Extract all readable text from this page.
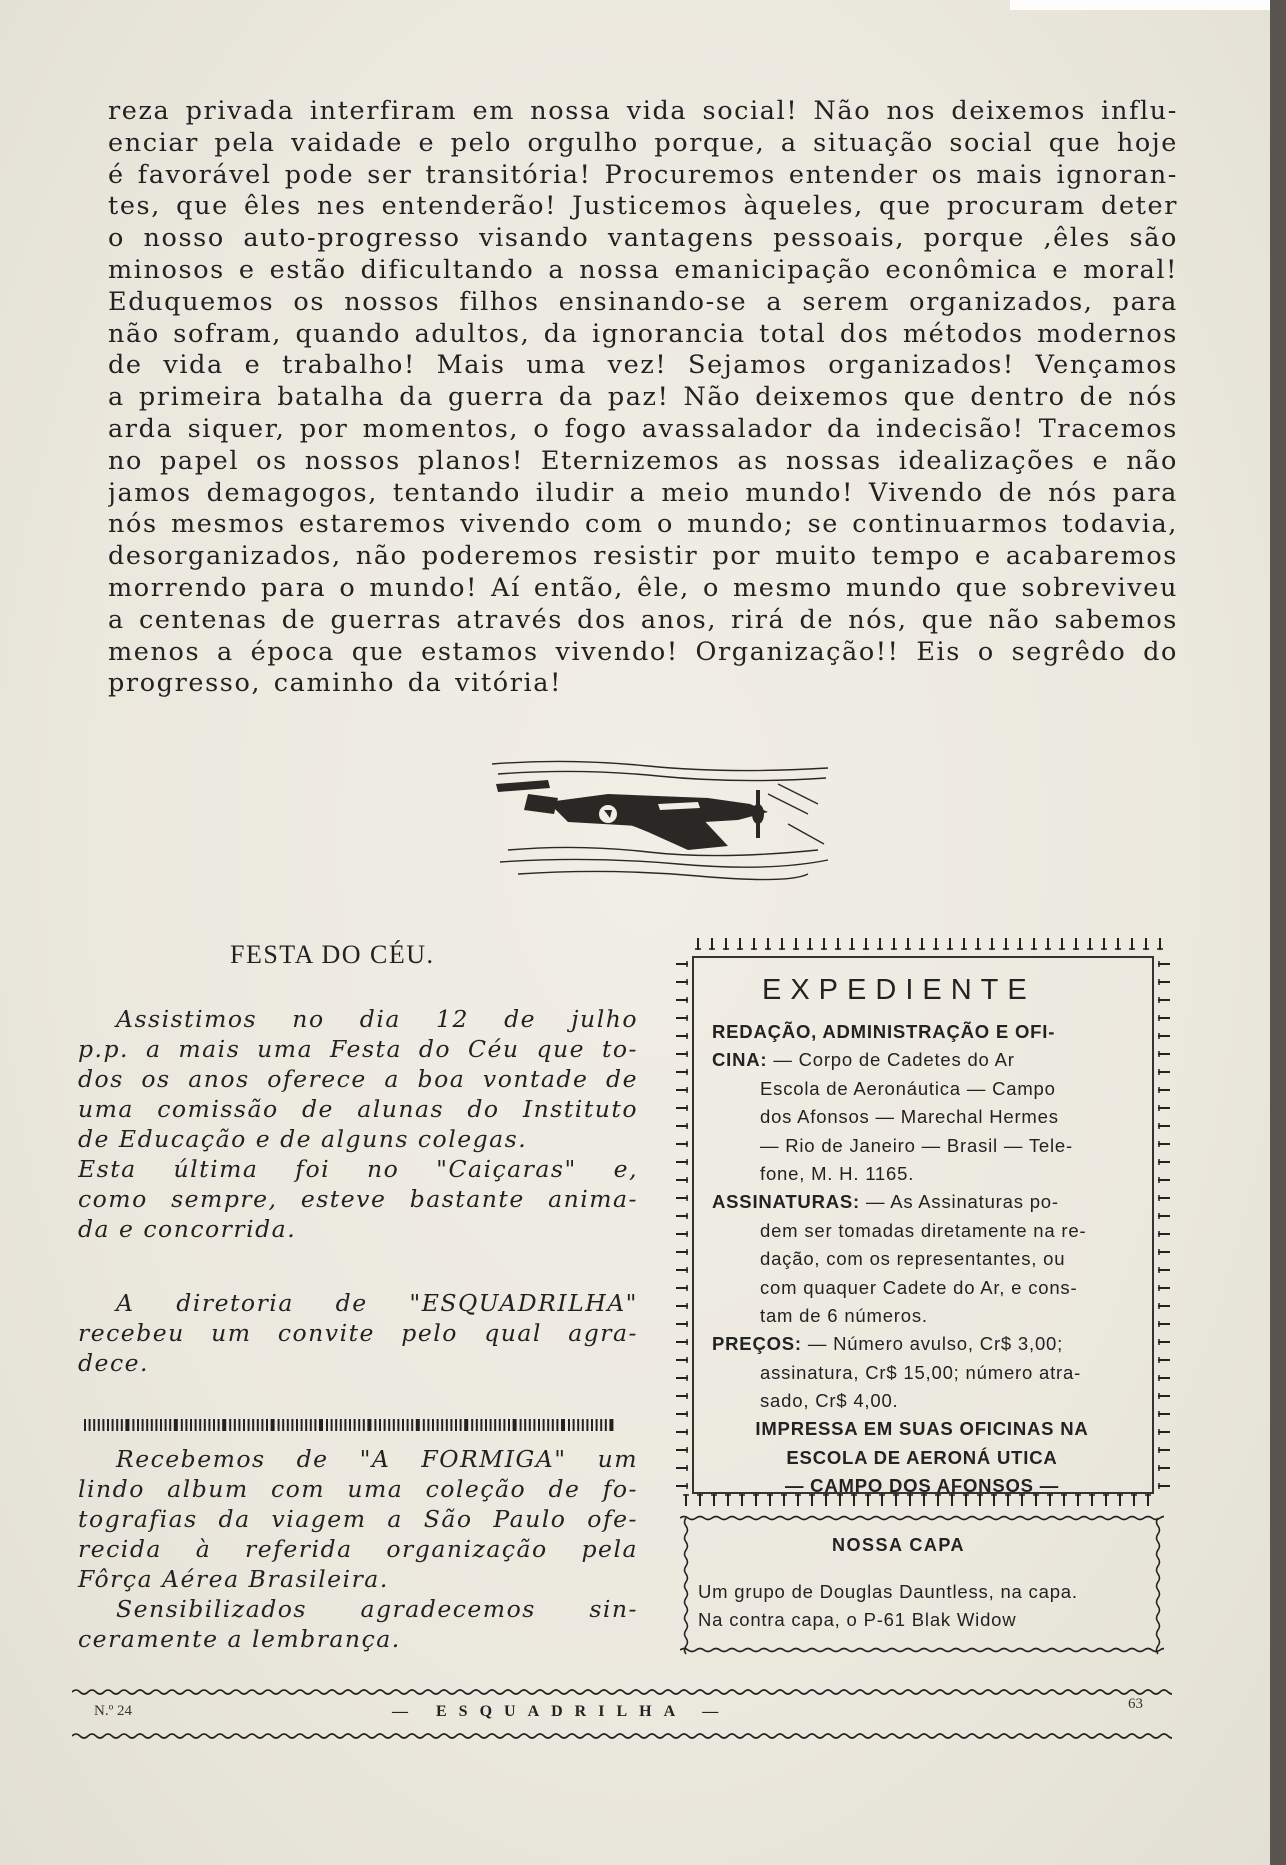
reza privada interfiram em nossa vida social! Não nos deixemos influ-
enciar pela vaidade e pelo orgulho porque, a situação social que hoje
é favorável pode ser transitória! Procuremos entender os mais ignoran-
tes, que êles nes entenderão! Justicemos àqueles, que procuram deter
o nosso auto-progresso visando vantagens pessoais, porque ,êles são
minosos e estão dificultando a nossa emanicipação econômica e moral!
Eduquemos os nossos filhos ensinando-se a serem organizados, para
não sofram, quando adultos, da ignorancia total dos métodos modernos
de vida e trabalho! Mais uma vez! Sejamos organizados! Vençamos
a primeira batalha da guerra da paz! Não deixemos que dentro de nós
arda siquer, por momentos, o fogo avassalador da indecisão! Tracemos
no papel os nossos planos! Eternizemos as nossas idealizações e não
jamos demagogos, tentando iludir a meio mundo! Vivendo de nós para
nós mesmos estaremos vivendo com o mundo; se continuarmos todavia,
desorganizados, não poderemos resistir por muito tempo e acabaremos
morrendo para o mundo! Aí então, êle, o mesmo mundo que sobreviveu
a centenas de guerras através dos anos, rirá de nós, que não sabemos
menos a época que estamos vivendo! Organização!! Eis o segrêdo do
progresso, caminho da vitória!
FESTA DO CÉU.
Assistimos no dia 12 de julho
p.p. a mais uma Festa do Céu que to-
dos os anos oferece a boa vontade de
uma comissão de alunas do Instituto
de Educação e de alguns colegas.
Esta última foi no "Caiçaras" e,
como sempre, esteve bastante anima-
da e concorrida.
A diretoria de "ESQUADRILHA"
recebeu um convite pelo qual agra-
dece.
Recebemos de "A FORMIGA" um
lindo album com uma coleção de fo-
tografias da viagem a São Paulo ofe-
recida à referida organização pela
Fôrça Aérea Brasileira.
Sensibilizados agradecemos sin-
ceramente a lembrança.
EXPEDIENTE
REDAÇÃO, ADMINISTRAÇÃO E OFI-
CINA: — Corpo de Cadetes do Ar
Escola de Aeronáutica — Campo
dos Afonsos — Marechal Hermes
— Rio de Janeiro — Brasil — Tele-
fone, M. H. 1165.
ASSINATURAS: — As Assinaturas po-
dem ser tomadas diretamente na re-
dação, com os representantes, ou
com quaquer Cadete do Ar, e cons-
tam de 6 números.
PREÇOS: — Número avulso, Cr$ 3,00;
assinatura, Cr$ 15,00; número atra-
sado, Cr$ 4,00.
IMPRESSA EM SUAS OFICINAS NA
ESCOLA DE AERONÁ UTICA
— CAMPO DOS AFONSOS —
NOSSA CAPA
Um grupo de Douglas Dauntless, na capa.
Na contra capa, o P-61 Blak Widow
N.º 24	— ESQUADRILHA —	63
